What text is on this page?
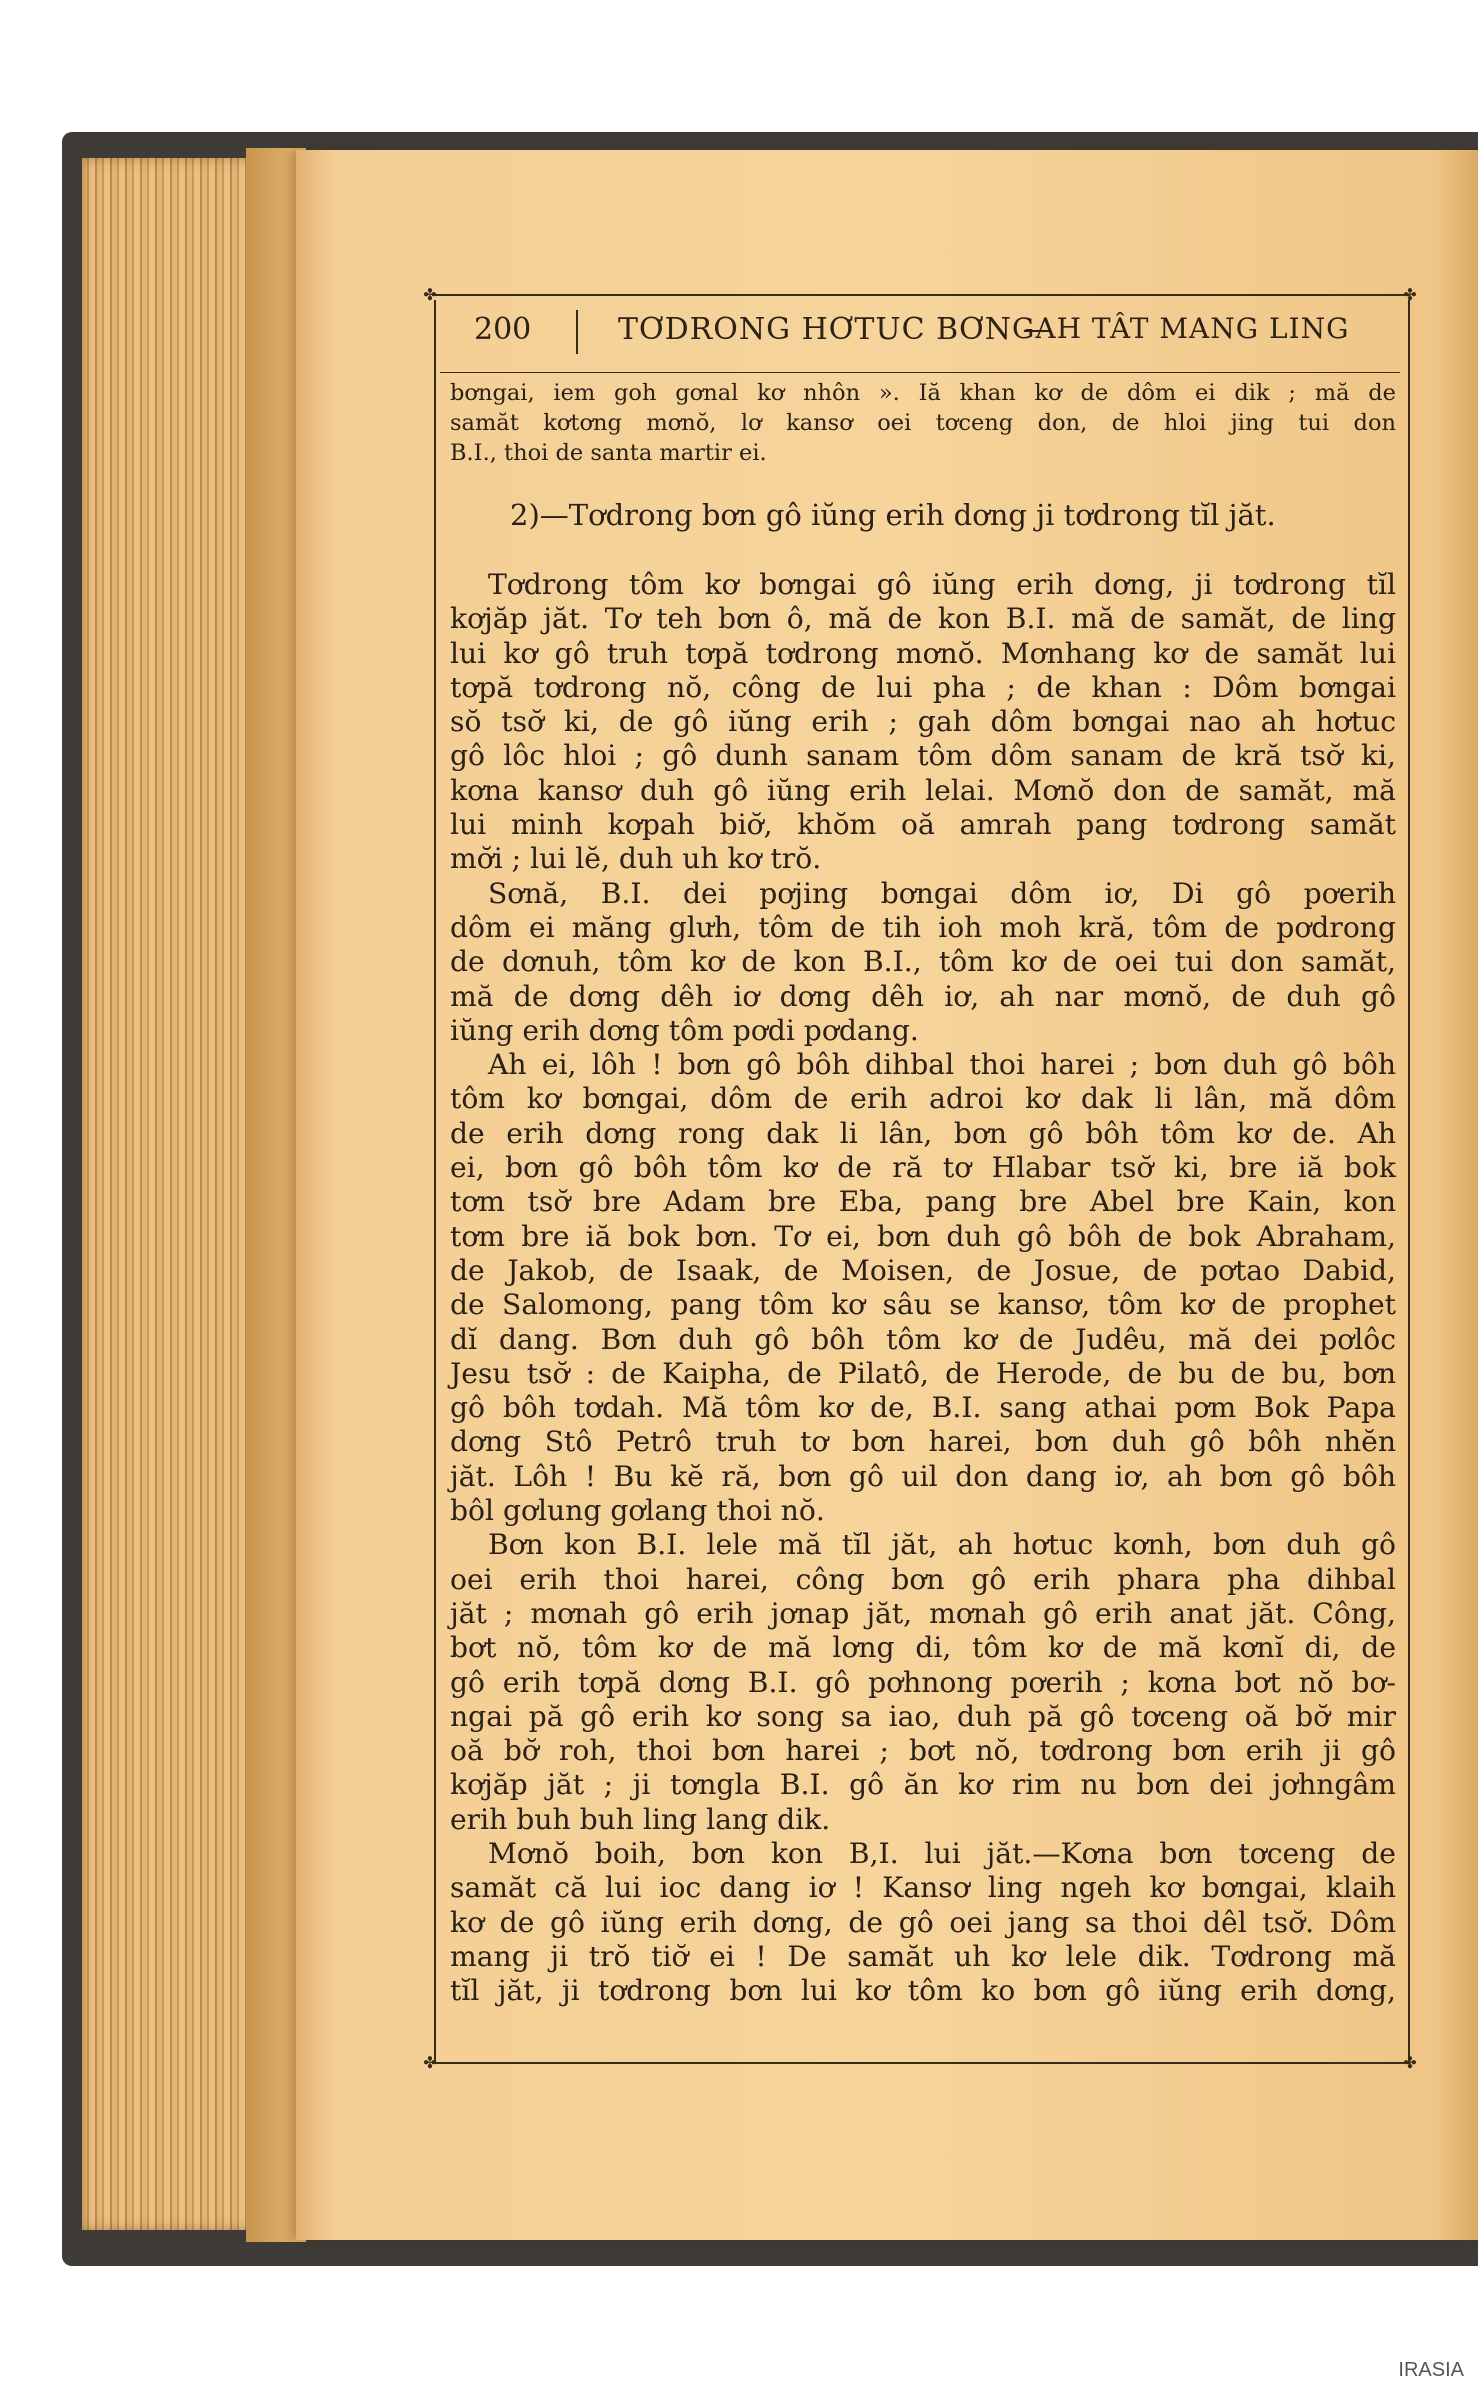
✤	✤
✤	✤
200	TƠDRONG HƠTUC BƠN —
GAH TÂT MANG LING
bơngai, iem goh gơnal kơ nhôn ». Iă khan kơ de dôm ei dik ; mă de
samăt kơtơng mơnŏ, lơ kansơ oei tơceng don, de hloi jing tui don
B.I., thoi de santa martir ei.
2)—Tơdrong bơn gô iŭng erih dơng ji tơdrong tĭl jăt.
Tơdrong tôm kơ bơngai gô iŭng erih dơng, ji tơdrong tĭl
kơjăp jăt. Tơ teh bơn ô, mă de kon B.I. mă de samăt, de ling
lui kơ gô truh tơpă tơdrong mơnŏ. Mơnhang kơ de samăt lui
tơpă tơdrong nŏ, công de lui pha ; de khan : Dôm bơngai
sŏ tsơ̆ ki, de gô iŭng erih ; gah dôm bơngai nao ah hơtuc
gô lôc hloi ; gô dunh sanam tôm dôm sanam de kră tsơ̆ ki,
kơna kansơ duh gô iŭng erih lelai. Mơnŏ don de samăt, mă
lui minh kơpah biơ̆, khŏm oă amrah pang tơdrong samăt
mơ̆i ; lui lĕ, duh uh kơ trŏ.
Sơnă, B.I. dei pơjing bơngai dôm iơ, Di gô pơerih
dôm ei măng glưh, tôm de tih ioh moh kră, tôm de pơdrong
de dơnuh, tôm kơ de kon B.I., tôm kơ de oei tui don samăt,
mă de dơng dêh iơ dơng dêh iơ, ah nar mơnŏ, de duh gô
iŭng erih dơng tôm pơdi pơdang.
Ah ei, lôh ! bơn gô bôh dihbal thoi harei ; bơn duh gô bôh
tôm kơ bơngai, dôm de erih adroi kơ dak li lân, mă dôm
de erih dơng rong dak li lân, bơn gô bôh tôm kơ de. Ah
ei, bơn gô bôh tôm kơ de ră tơ Hlabar tsơ̆ ki, bre iă bok
tơm tsơ̆ bre Adam bre Eba, pang bre Abel bre Kain, kon
tơm bre iă bok bơn. Tơ ei, bơn duh gô bôh de bok Abraham,
de Jakob, de Isaak, de Moisen, de Josue, de pơtao Dabid,
de Salomong, pang tôm kơ sâu se kansơ, tôm kơ de prophet
dĭ dang. Bơn duh gô bôh tôm kơ de Judêu, mă dei pơlôc
Jesu tsơ̆ : de Kaipha, de Pilatô, de Herode, de bu de bu, bơn
gô bôh tơdah. Mă tôm kơ de, B.I. sang athai pơm Bok Papa
dơng Stô Petrô truh tơ bơn harei, bơn duh gô bôh nhĕn
jăt. Lôh ! Bu kĕ ră, bơn gô uil don dang iơ, ah bơn gô bôh
bôl gơlung gơlang thoi nŏ.
Bơn kon B.I. lele mă tĭl jăt, ah hơtuc kơnh, bơn duh gô
oei erih thoi harei, công bơn gô erih phara pha dihbal
jăt ; mơnah gô erih jơnap jăt, mơnah gô erih anat jăt. Công,
bơt nŏ, tôm kơ de mă lơng di, tôm kơ de mă kơnĭ di, de
gô erih tơpă dơng B.I. gô pơhnong pơerih ; kơna bơt nŏ bơ-
ngai pă gô erih kơ song sa iao, duh pă gô tơceng oă bơ̆ mir
oă bơ̆ roh, thoi bơn harei ; bơt nŏ, tơdrong bơn erih ji gô
kơjăp jăt ; ji tơngla B.I. gô ăn kơ rim nu bơn dei jơhngâm
erih buh buh ling lang dik.
Mơnŏ boih, bơn kon B,I. lui jăt.—Kơna bơn tơceng de
samăt că lui ioc dang iơ ! Kansơ ling ngeh kơ bơngai, klaih
kơ de gô iŭng erih dơng, de gô oei jang sa thoi dêl tsơ̆. Dôm
mang ji trŏ tiơ̆ ei ! De samăt uh kơ lele dik. Tơdrong mă
tĭl jăt, ji tơdrong bơn lui kơ tôm ko bơn gô iŭng erih dơng,
IRASIA
